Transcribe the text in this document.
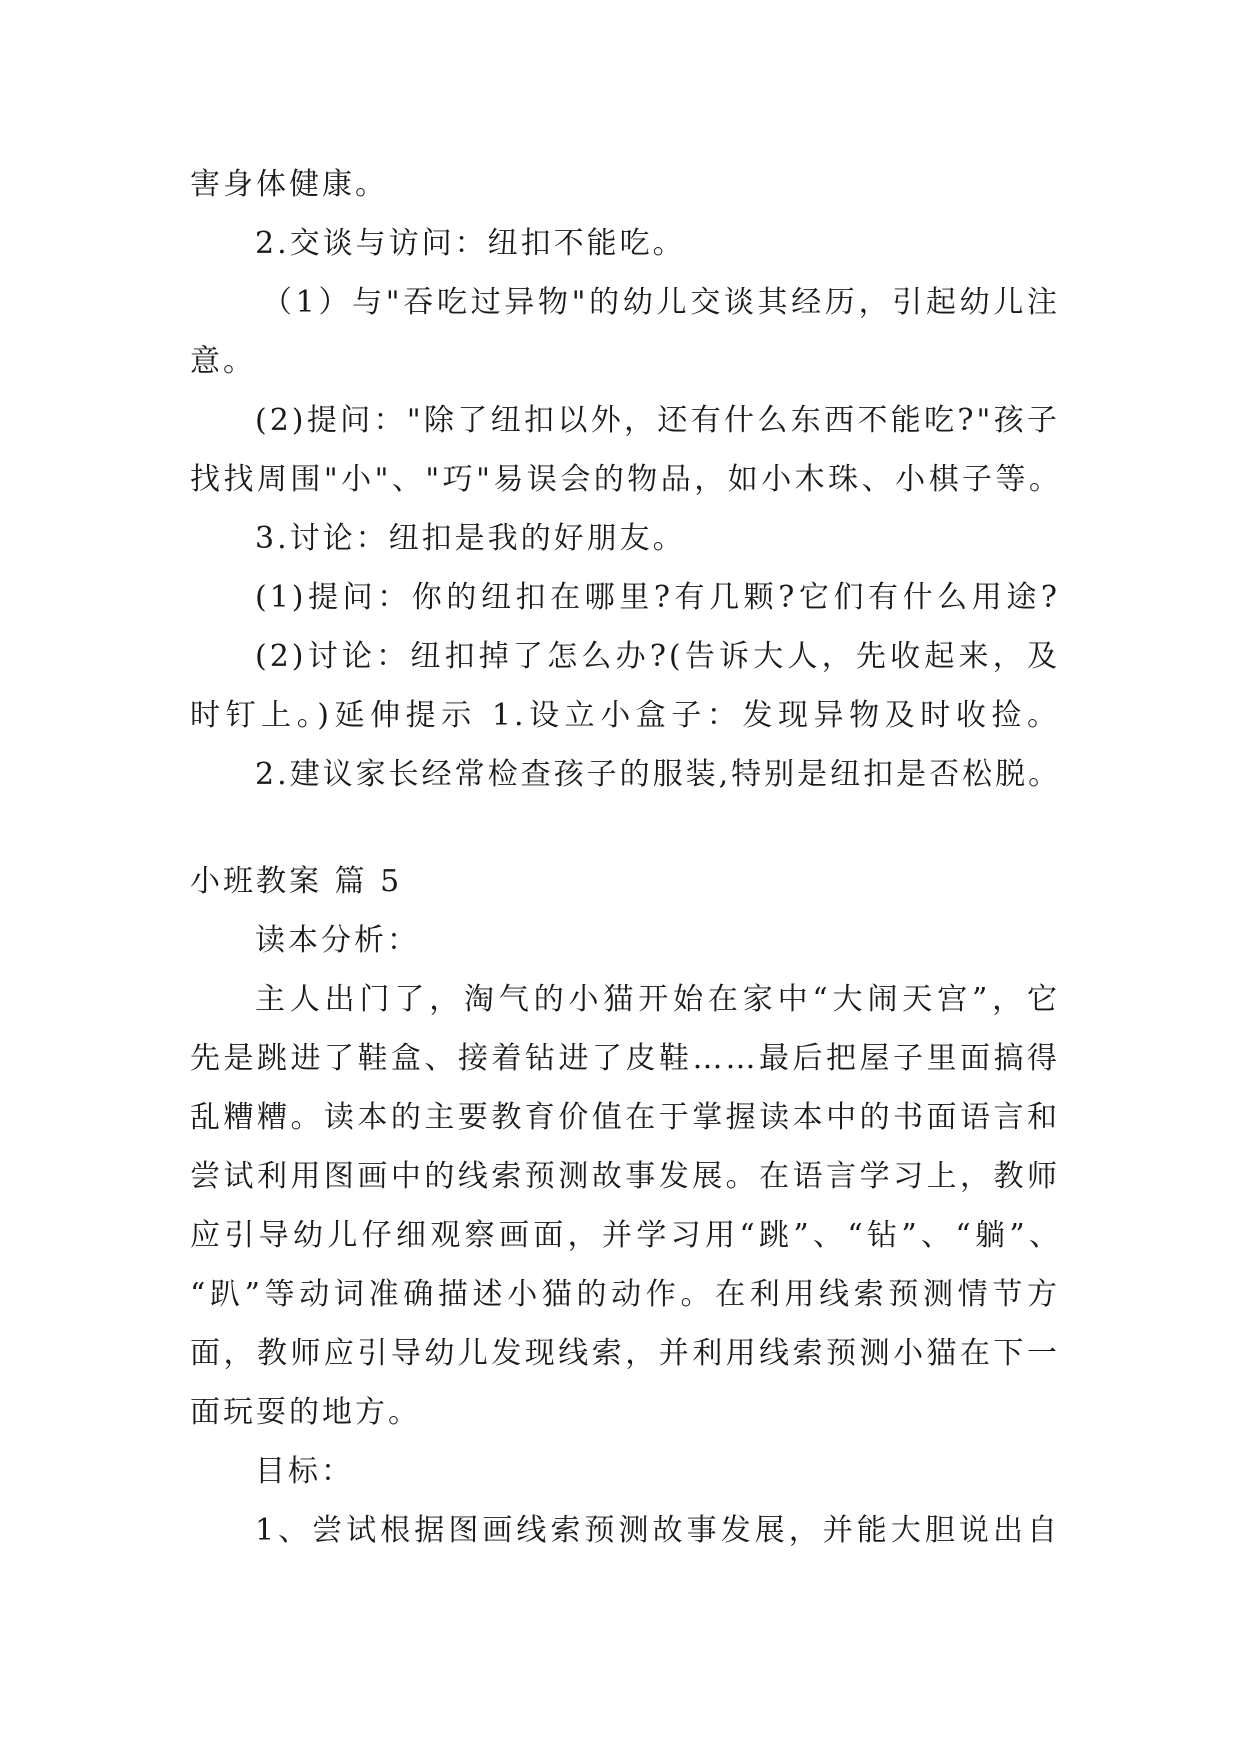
害身体健康。
2.交谈与访问：纽扣不能吃。
（1）与"吞吃过异物"的幼儿交谈其经历，引起幼儿注
意。
(2)提问："除了纽扣以外，还有什么东西不能吃?"孩子
找找周围"小"、"巧"易误会的物品，如小木珠、小棋子等。
3.讨论：纽扣是我的好朋友。
(1)提问：你的纽扣在哪里?有几颗?它们有什么用途?
(2)讨论：纽扣掉了怎么办?(告诉大人，先收起来，及
时钉上。)延伸提示 1.设立小盒子：发现异物及时收捡。
2.建议家长经常检查孩子的服装,特别是纽扣是否松脱。
小班教案 篇 5
读本分析：
主人出门了，淘气的小猫开始在家中“大闹天宫”，它
先是跳进了鞋盒、接着钻进了皮鞋……最后把屋子里面搞得
乱糟糟。读本的主要教育价值在于掌握读本中的书面语言和
尝试利用图画中的线索预测故事发展。在语言学习上，教师
应引导幼儿仔细观察画面，并学习用“跳”、“钻”、“躺”、
“趴”等动词准确描述小猫的动作。在利用线索预测情节方
面，教师应引导幼儿发现线索，并利用线索预测小猫在下一
面玩耍的地方。
目标：
1、尝试根据图画线索预测故事发展，并能大胆说出自
